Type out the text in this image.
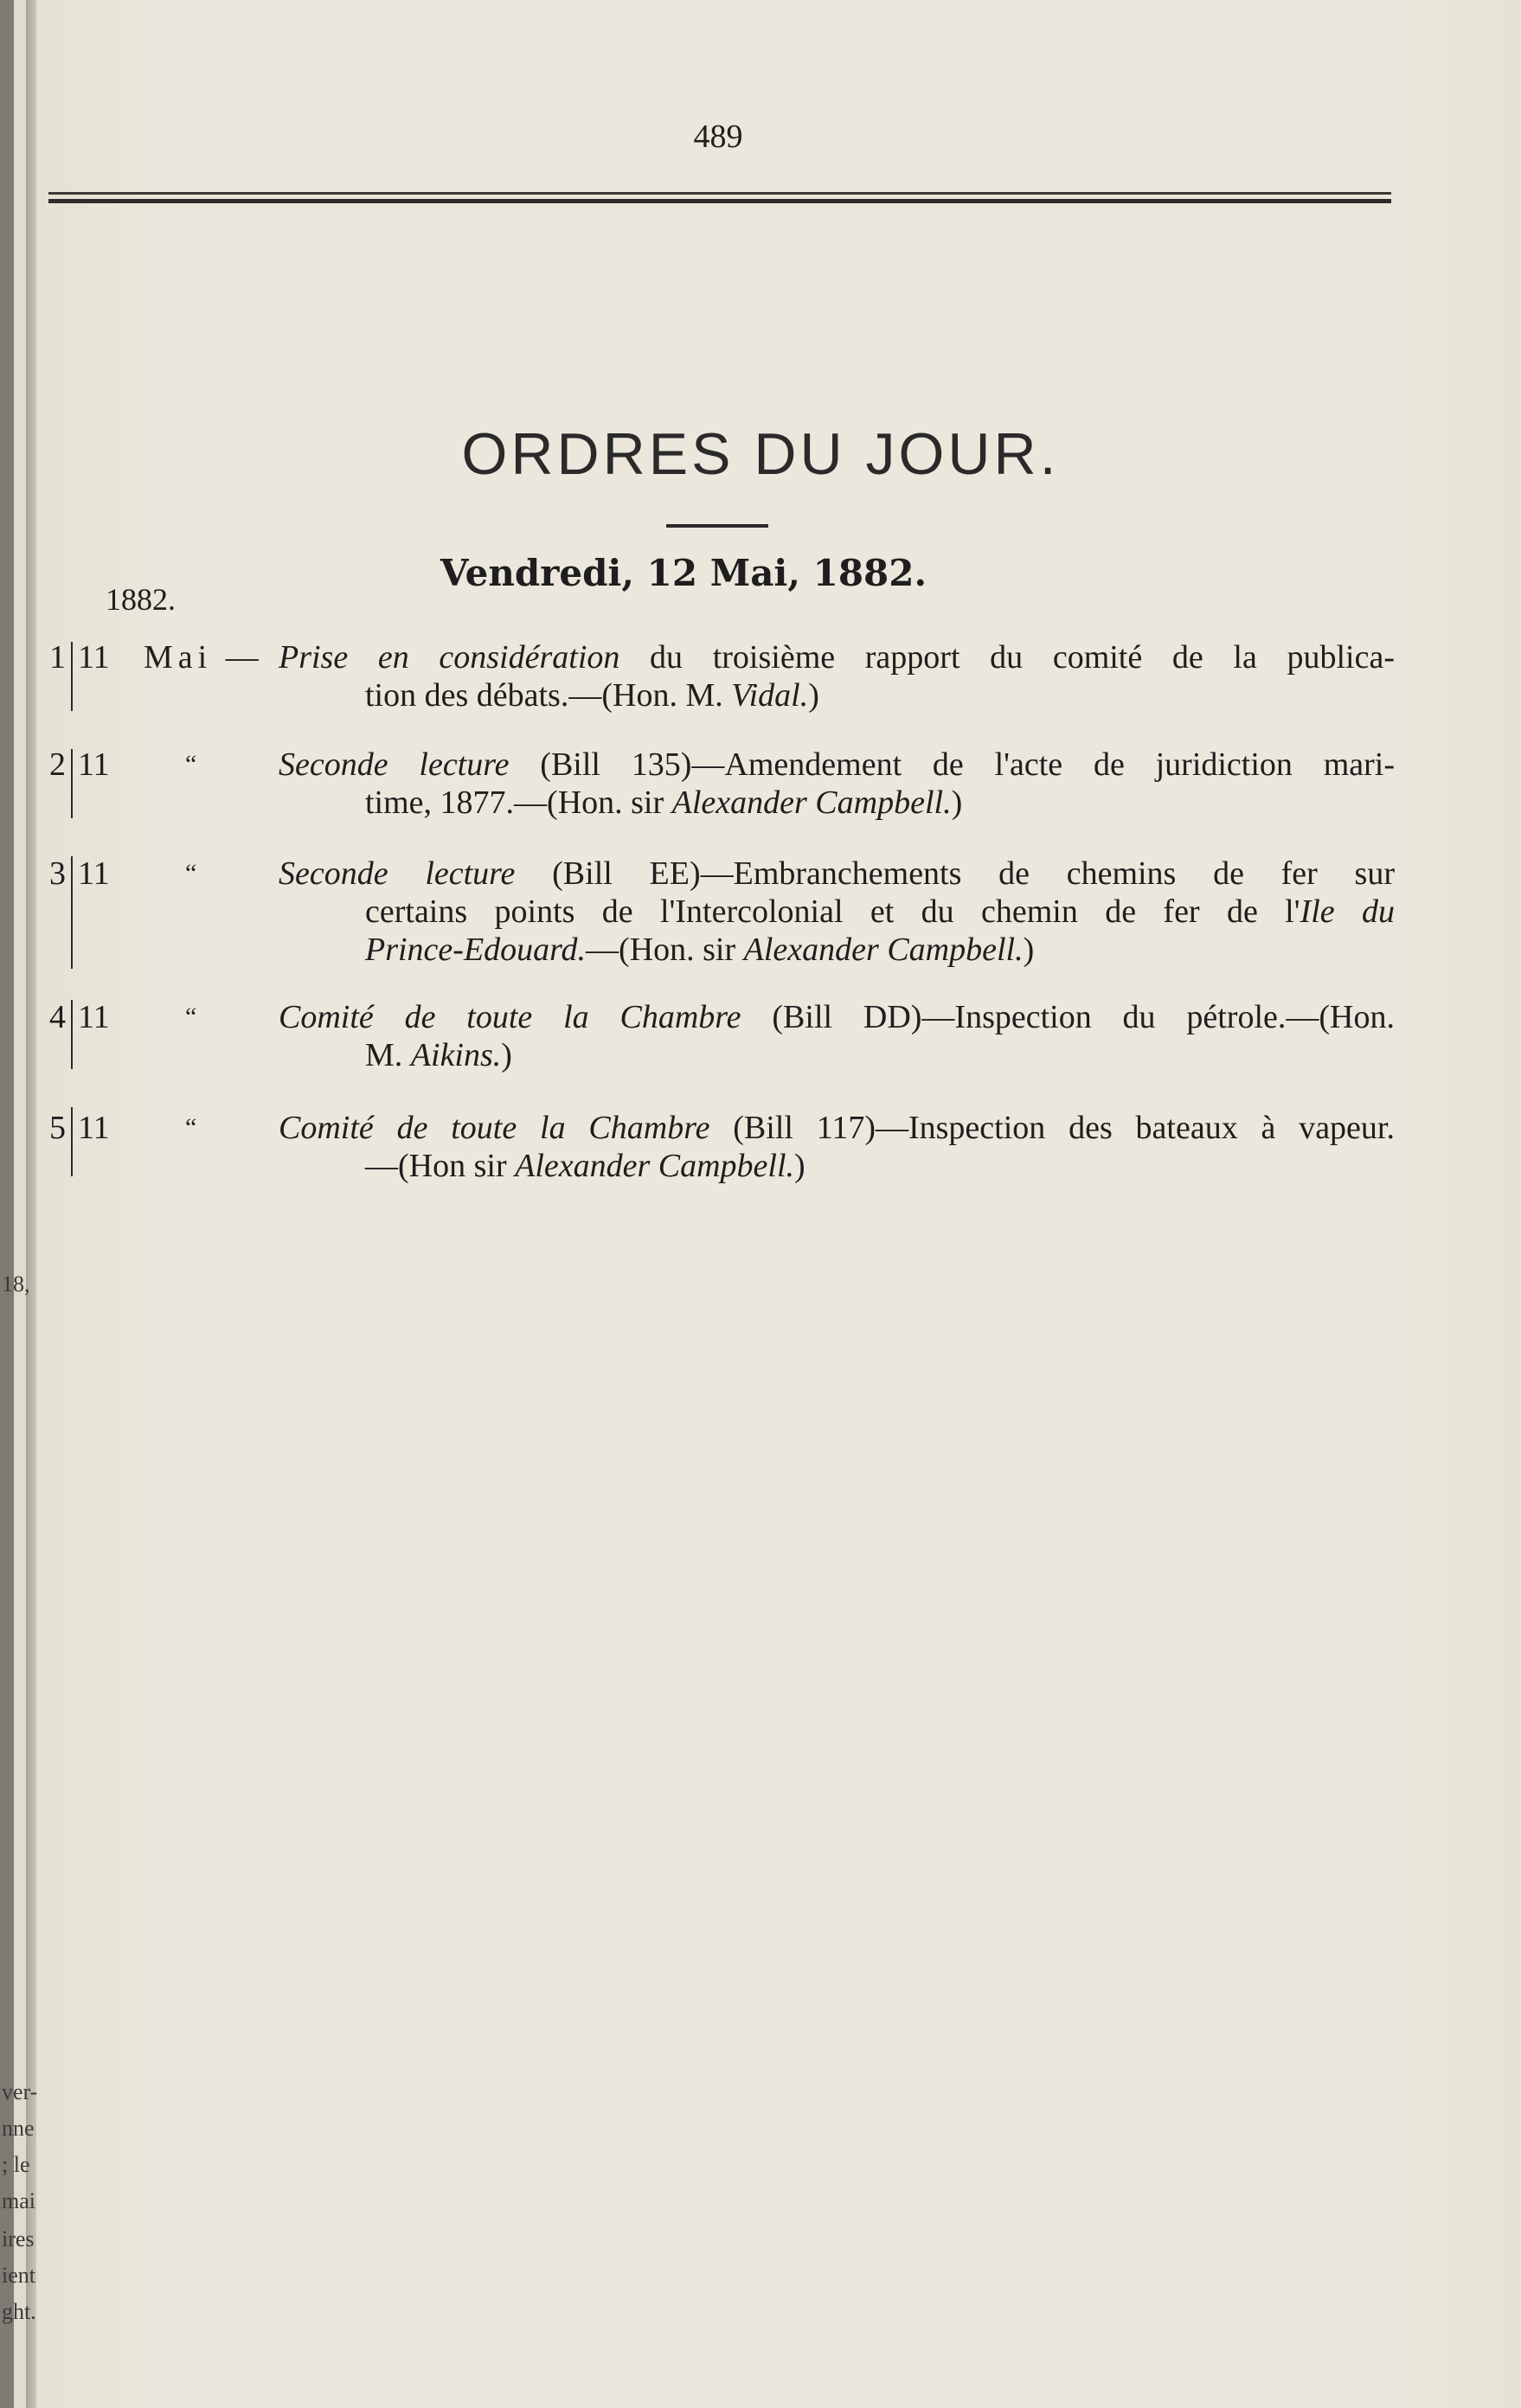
489
ORDRES DU JOUR.
Vendredi, 12 Mai, 1882.
1882.
1 11 Mai — Prise en considération du troisième rapport du comité de la publica-
tion des débats.—(Hon. M. Vidal.)
2 11	“ Seconde lecture (Bill 135)—Amendement de l'acte de juridiction mari-
time, 1877.—(Hon. sir Alexander Campbell.)
3 11	“ Seconde lecture (Bill EE)—Embranchements de chemins de fer sur
certains points de l'Intercolonial et du chemin de fer de l'Ile du
Prince-Edouard.—(Hon. sir Alexander Campbell.)
4 11	“ Comité de toute la Chambre (Bill DD)—Inspection du pétrole.—(Hon.
M. Aikins.)
5 11	“ Comité de toute la Chambre (Bill 117)—Inspection des bateaux à vapeur.
—(Hon sir Alexander Campbell.)
18,
ver-
nne
; le
mai
ires
ient
ght.
